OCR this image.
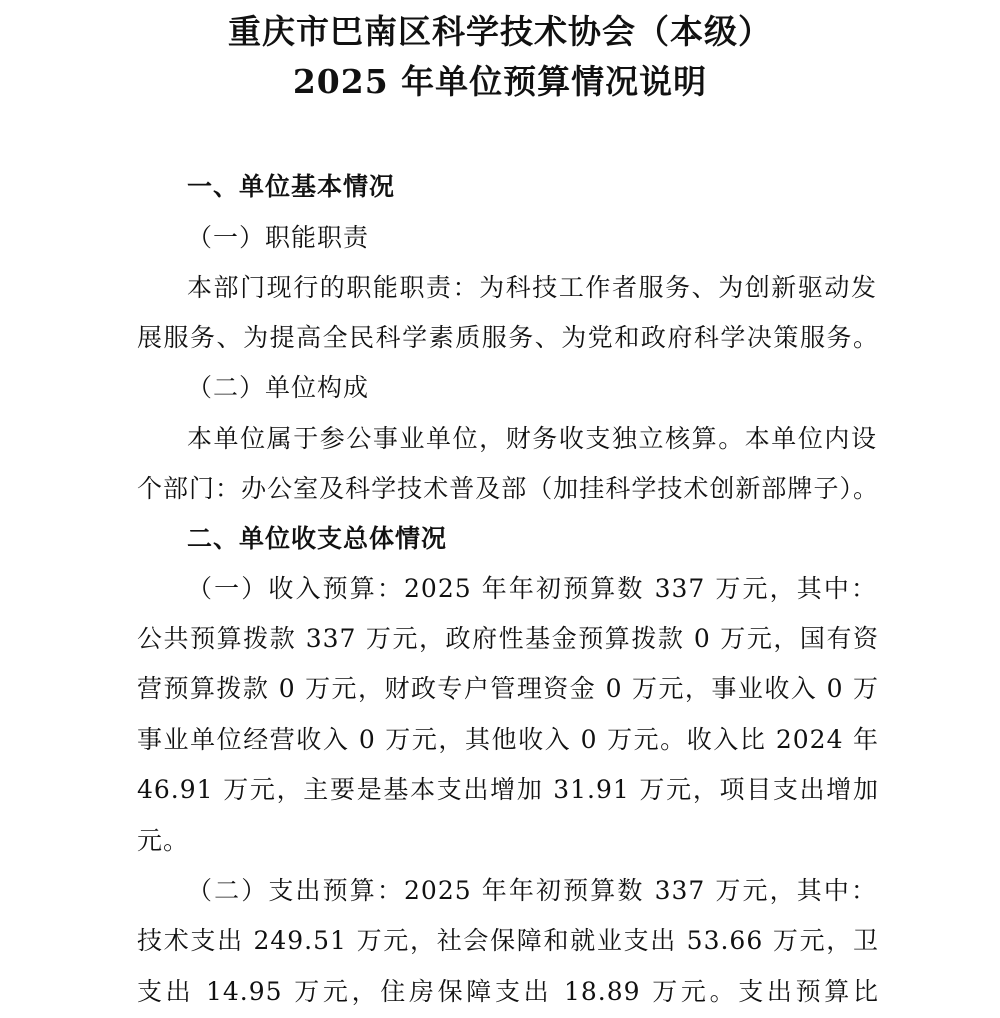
重庆市巴南区科学技术协会（本级）
2025 年单位预算情况说明
一、单位基本情况
（一）职能职责
本部门现行的职能职责：为科技工作者服务、为创新驱动发
展服务、为提高全民科学素质服务、为党和政府科学决策服务。
（二）单位构成
本单位属于参公事业单位，财务收支独立核算。本单位内设
个部门：办公室及科学技术普及部（加挂科学技术创新部牌子）。
二、单位收支总体情况
（一）收入预算：2025 年年初预算数 337 万元，其中：
公共预算拨款 337 万元，政府性基金预算拨款 0 万元，国有资
营预算拨款 0 万元，财政专户管理资金 0 万元，事业收入 0 万
事业单位经营收入 0 万元，其他收入 0 万元。收入比 2024 年
46.91 万元，主要是基本支出增加 31.91 万元，项目支出增加
元。
（二）支出预算：2025 年年初预算数 337 万元，其中：
技术支出 249.51 万元，社会保障和就业支出 53.66 万元，卫
支出 14.95 万元，住房保障支出 18.89 万元。支出预算比
